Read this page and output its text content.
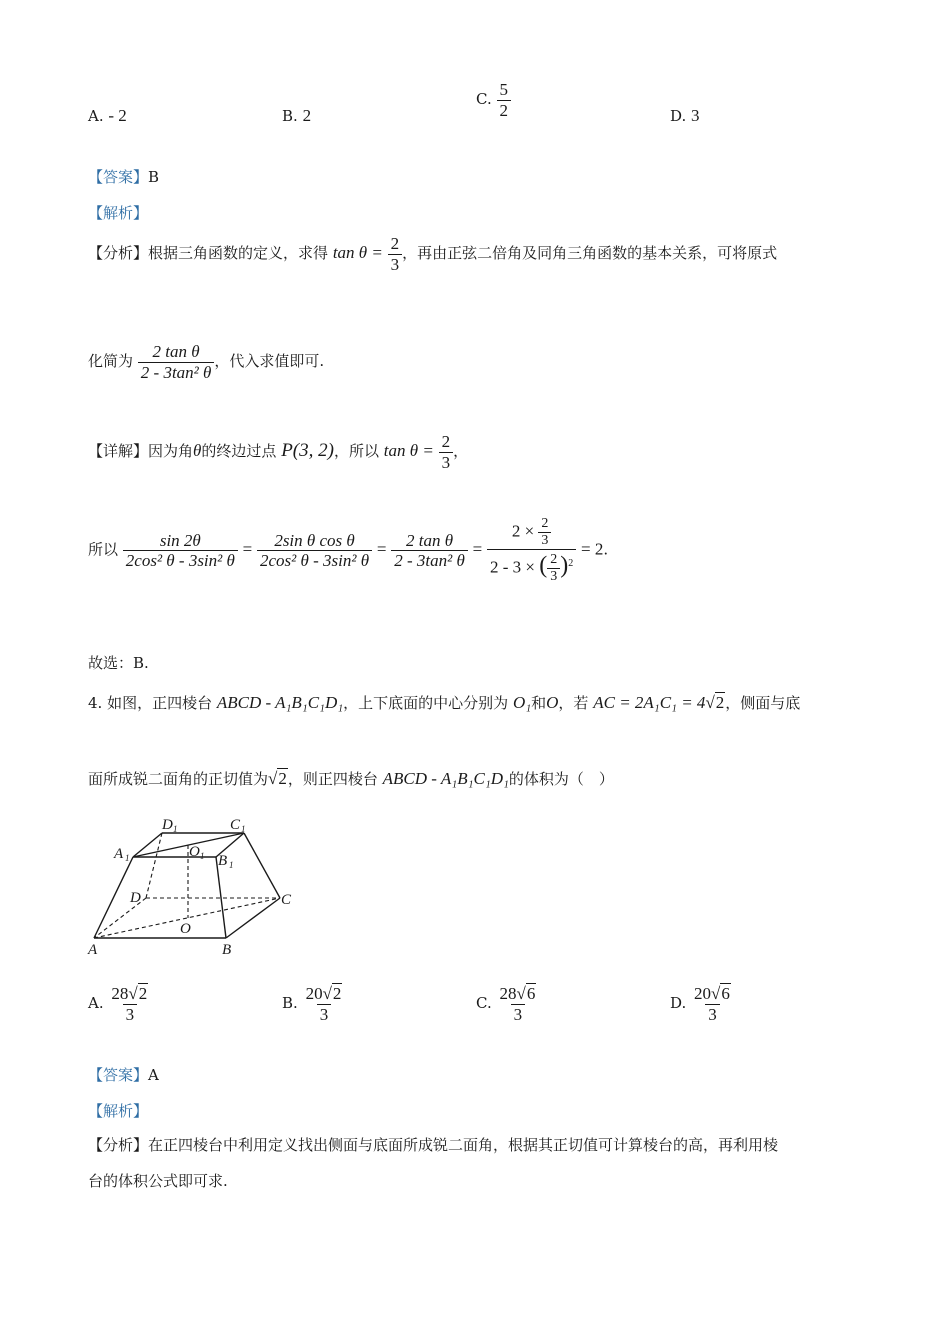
A. - 2	B. 2
C. $\frac{5}{2}$	D. 3
【答案】B
【解析】
【分析】根据三角函数的定义，求得 $\tan \theta = \frac{2}{3}$ ，再由正弦二倍角及同角三角函数的基本关系，可将原式
化简为 $\frac{\text{2 tan θ}}{\text{2 - 3tan² θ}}$ ，代入求值即可.
【详解】因为角θ的终边过点 P(3, 2)，所以 $\tan \theta = \frac{2}{3}$ ，
所以 $\frac{\sin 2\theta}{\text{2cos² θ - 3sin² θ}} = \frac{\text{2sin θ cos θ}}{\text{2cos² θ - 3sin² θ}} = \frac{\text{2 tan θ}}{\text{2 - 3tan² θ}} = \frac{2 \times \frac{2}{3}}{2 - 3 \times ( \frac{2}{3} )^2} = 2$.
故选：B.
4. 如图，正四棱台 ABCD - A₁B₁C₁D₁，上下底面的中心分别为 O₁和O，若 AC = 2A₁C₁ = 4√2，侧面与底
面所成锐二面角的正切值为√2，则正四棱台 ABCD - A₁B₁C₁D₁的体积为（　）
D 1	C 1
A 1	O 1 B 1
D	C
O
A	B
A. $\frac{28√2}{3}$	B. $\frac{20√2}{3}$	C. $\frac{28√6}{3}$	D. $\frac{20√6}{3}$
【答案】A
【解析】
【分析】在正四棱台中利用定义找出侧面与底面所成锐二面角，根据其正切值可计算棱台的高，再利用棱
台的体积公式即可求.
